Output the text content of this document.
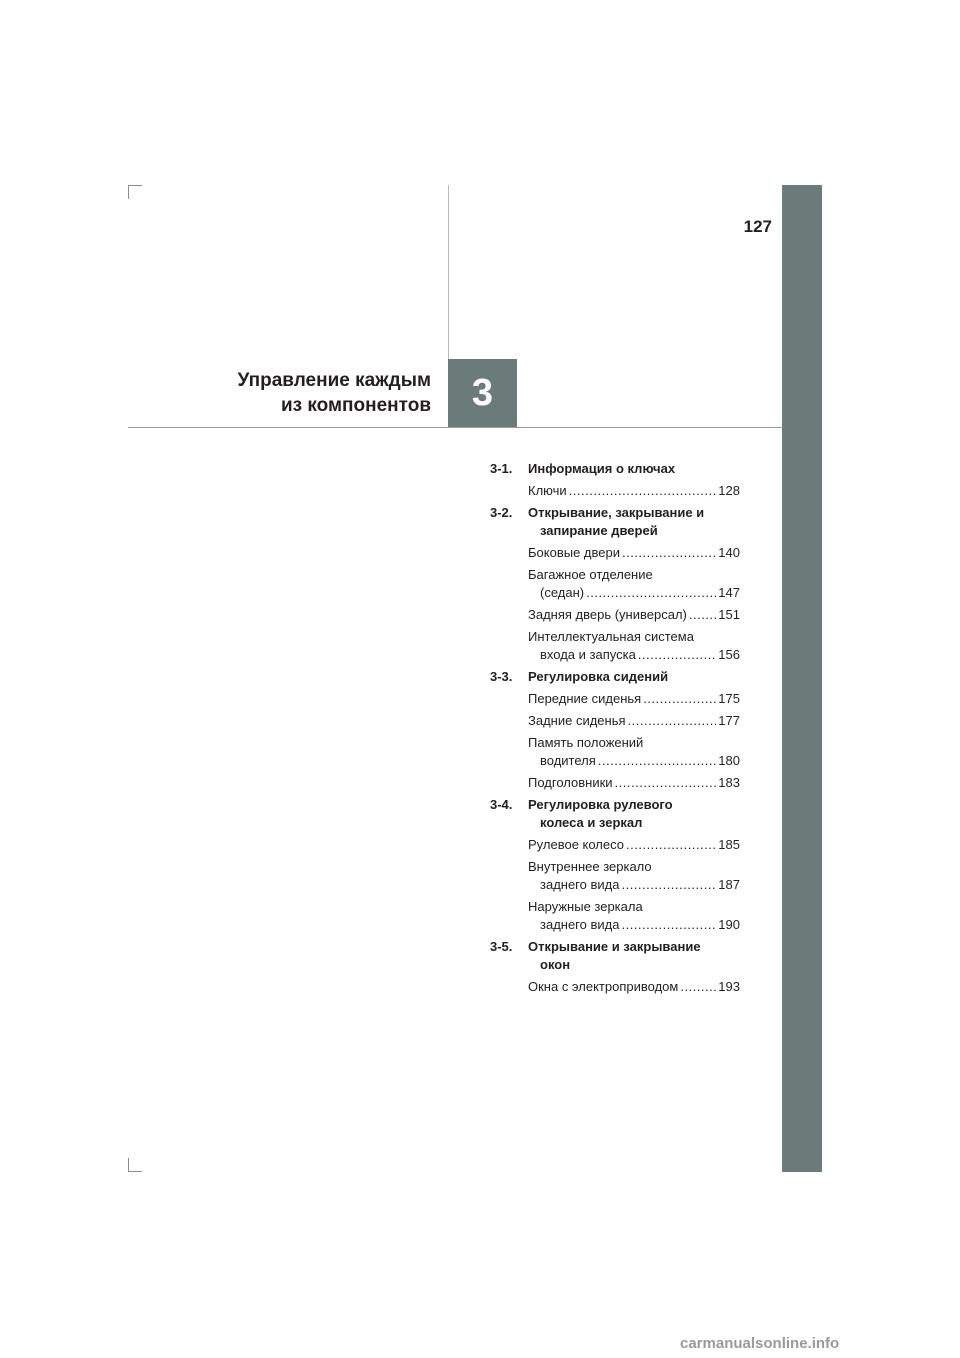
127
Управление каждым
из компонентов	3
3-1. Информация о ключах
Ключи .....	128
3-2. Открывание, закрывание и

запирание дверей
Боковые двери .....	140
Багажное отделение
(седан) .....	147
Задняя дверь (универсал) ..... 151
Интеллектуальная система
входа и запуска .....	156
3-3. Регулировка сидений
Передние сиденья .....	175
Задние сиденья .....	177
Память положений
водителя .....	180
Подголовники .....	183
3-4. Регулировка рулевого

колеса и зеркал
Рулевое колесо .....	185
Внутреннее зеркало
заднего вида .....	187
Наружные зеркала
заднего вида .....	190
3-5. Открывание и закрывание

окон
Окна с электроприводом .....	193
carmanualsonline.info
